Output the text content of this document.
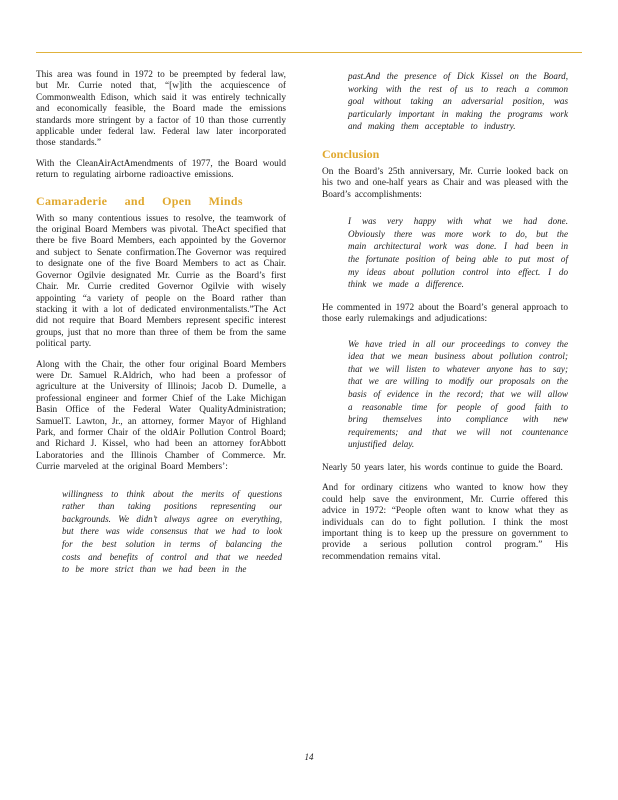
This area was found in 1972 to be preempted by federal law, but Mr. Currie noted that, “[w]ith the acquiescence of Commonwealth Edison, which said it was entirely technically and economically feasible, the Board made the emissions standards more stringent by a factor of 10 than those currently applicable under federal law. Federal law later incorporated those standards.”

With the CleanAirActAmendments of 1977, the Board would return to regulating airborne radioactive emissions.

Camaraderie and Open Minds

With so many contentious issues to resolve, the teamwork of the original Board Members was pivotal. TheAct specified that there be five Board Members, each appointed by the Governor and subject to Senate confirmation.The Governor was required to designate one of the five Board Members to act as Chair. Governor Ogilvie designated Mr. Currie as the Board’s first Chair. Mr. Currie credited Governor Ogilvie with wisely appointing “a variety of people on the Board rather than stacking it with a lot of dedicated environmentalists.”The Act did not require that Board Members represent specific interest groups, just that no more than three of them be from the same political party.

Along with the Chair, the other four original Board Members were Dr. Samuel R.Aldrich, who had been a professor of agriculture at the University of Illinois; Jacob D. Dumelle, a professional engineer and former Chief of the Lake Michigan Basin Office of the Federal Water QualityAdministration; SamuelT. Lawton, Jr., an attorney, former Mayor of Highland Park, and former Chair of the oldAir Pollution Control Board; and Richard J. Kissel, who had been an attorney forAbbott Laboratories and the Illinois Chamber of Commerce. Mr. Currie marveled at the original Board Members’:

willingness to think about the merits of questions rather than taking positions representing our backgrounds. We didn’t always agree on everything, but there was wide consensus that we had to look for the best solution in terms of balancing the costs and benefits of control and that we needed to be more strict than we had been in the
past.And the presence of Dick Kissel on the Board, working with the rest of us to reach a common goal without taking an adversarial position, was particularly important in making the programs work and making them acceptable to industry.
Conclusion

On the Board’s 25th anniversary, Mr. Currie looked back on his two and one-half years as Chair and was pleased with the Board’s accomplishments:

I was very happy with what we had done. Obviously there was more work to do, but the main architectural work was done. I had been in the fortunate position of being able to put most of my ideas about pollution control into effect. I do think we made a difference.

He commented in 1972 about the Board’s general approach to those early rulemakings and adjudications:

We have tried in all our proceedings to convey the idea that we mean business about pollution control; that we will listen to whatever anyone has to say; that we are willing to modify our proposals on the basis of evidence in the record; that we will allow a reasonable time for people of good faith to bring themselves into compliance with new requirements; and that we will not countenance unjustified delay.

Nearly 50 years later, his words continue to guide the Board.

And for ordinary citizens who wanted to know how they could help save the environment, Mr. Currie offered this advice in 1972: “People often want to know what they as individuals can do to fight pollution. I think the most important thing is to keep up the pressure on government to provide a serious pollution control program.” His recommendation remains vital.

14
